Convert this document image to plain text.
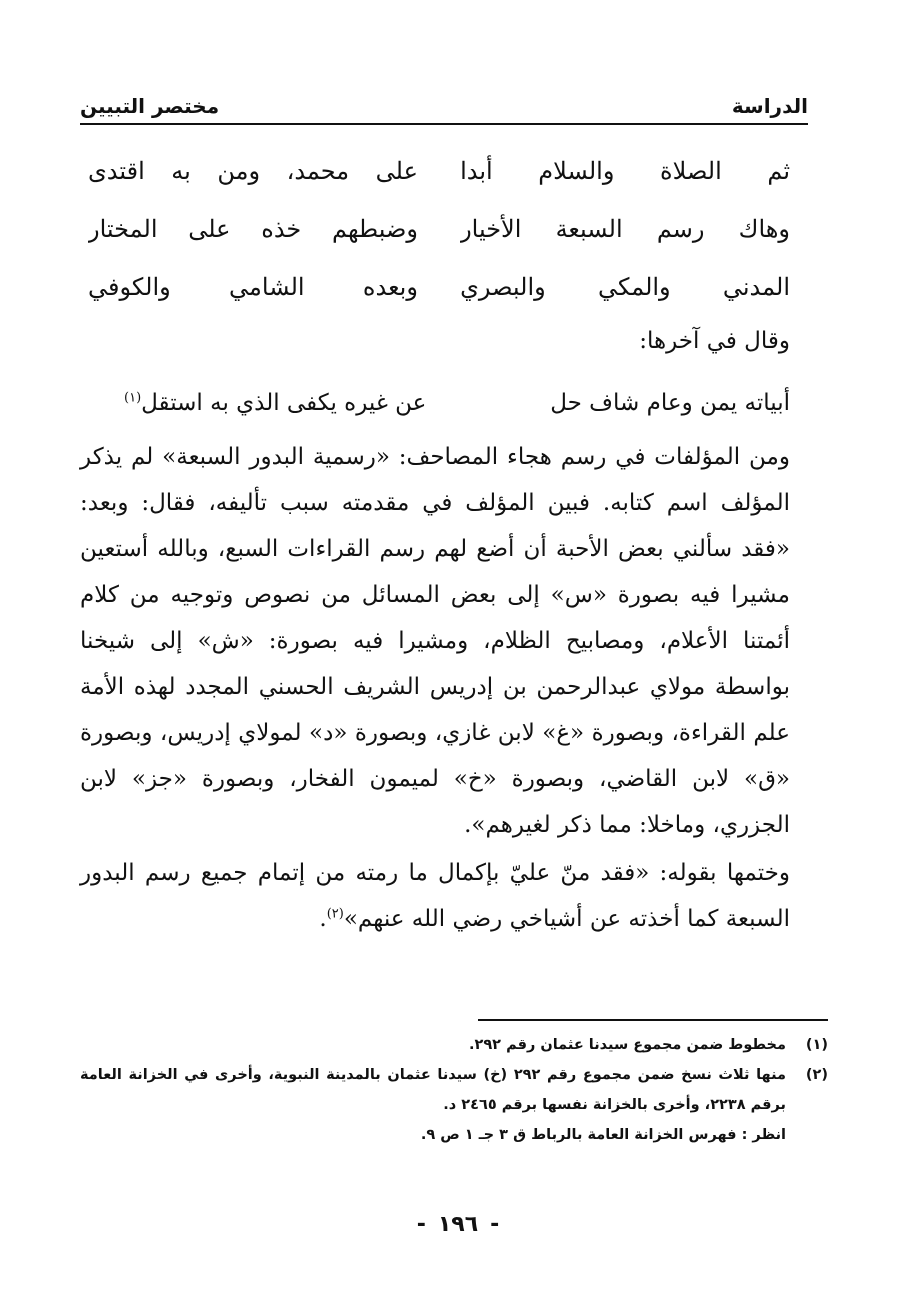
الدراسة
مختصر التبيين
ثم الصلاة والسلام أبدا
على محمد، ومن به اقتدى
وهاك رسم السبعة الأخيار
وضبطهم خذه على المختار
المدني والمكي والبصري
وبعده الشامي والكوفي

وقال في آخرها:

أبياته يمن وعام شاف حل
عن غيره يكفى الذي به استقل$^{(١)}$

ومن المؤلفات في رسم هجاء المصاحف: «رسمية البدور السبعة» لم يذكر المؤلف اسم كتابه. فبين المؤلف في مقدمته سبب تأليفه، فقال: وبعد: «فقد سألني بعض الأحبة أن أضع لهم رسم القراءات السبع، وبالله أستعين مشيرا فيه بصورة «س» إلى بعض المسائل من نصوص وتوجيه من كلام أئمتنا الأعلام، ومصابيح الظلام، ومشيرا فيه بصورة: «ش» إلى شيخنا بواسطة مولاي عبدالرحمن بن إدريس الشريف الحسني المجدد لهذه الأمة علم القراءة، وبصورة «غ» لابن غازي، وبصورة «د» لمولاي إدريس، وبصورة «ق» لابن القاضي، وبصورة «خ» لميمون الفخار، وبصورة «جز» لابن الجزري، وماخلا: مما ذكر لغيرهم».

وختمها بقوله: «فقد منّ عليّ بإكمال ما رمته من إتمام جميع رسم البدور السبعة كما أخذته عن أشياخي رضي الله عنهم»$^{(٢)}$.

(١)
مخطوط ضمن مجموع سيدنا عثمان رقم ٢٩٢.
(٢)
منها ثلاث نسخ ضمن مجموع رقم ٢٩٢ (خ) سيدنا عثمان بالمدينة النبوية، وأخرى في الخزانة العامة برقم ٢٢٣٨، وأخرى بالخزانة نفسها برقم ٢٤٦٥ د.
انظر : فهرس الخزانة العامة بالرباط ق ٣ جـ ١ ص ٩.
-١٩٦-
